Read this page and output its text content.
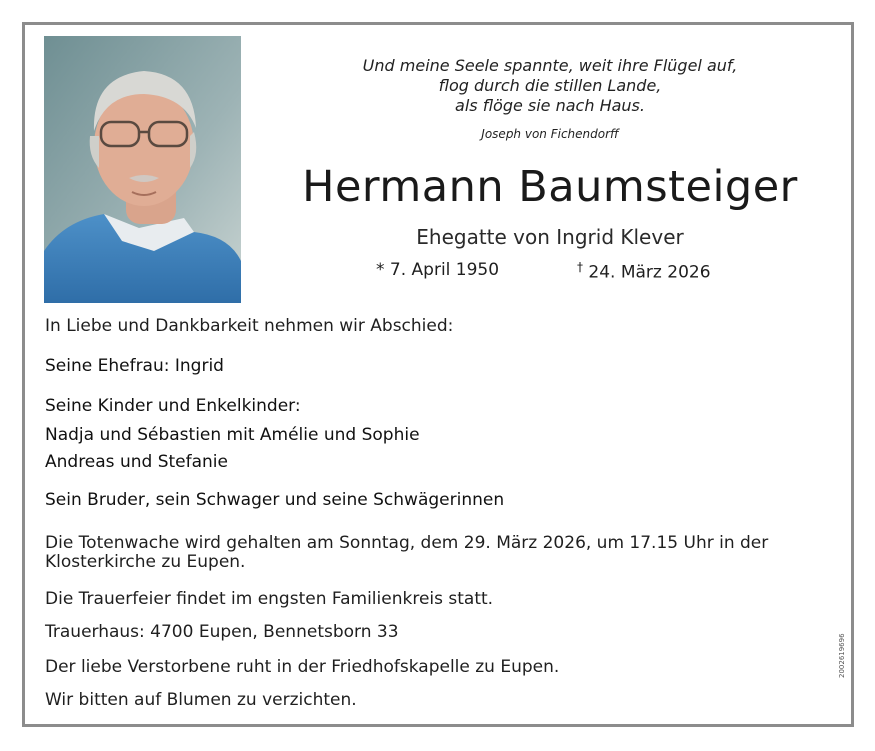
Und meine Seele spannte, weit ihre Flügel auf,
flog durch die stillen Lande,
als flöge sie nach Haus.
Joseph von Fichendorff
Hermann Baumsteiger
Ehegatte von Ingrid Klever
* 7. April 1950	† 24. März 2026
In Liebe und Dankbarkeit nehmen wir Abschied:
Seine Ehefrau: Ingrid
Seine Kinder und Enkelkinder:
Nadja und Sébastien mit Amélie und Sophie
Andreas und Stefanie
Sein Bruder, sein Schwager und seine Schwägerinnen
Die Totenwache wird gehalten am Sonntag, dem 29. März 2026, um 17.15 Uhr in der Klosterkirche zu Eupen.
Die Trauerfeier findet im engsten Familienkreis statt.
Trauerhaus: 4700 Eupen, Bennetsborn 33
Der liebe Verstorbene ruht in der Friedhofskapelle zu Eupen.
Wir bitten auf Blumen zu verzichten.
2002619696
